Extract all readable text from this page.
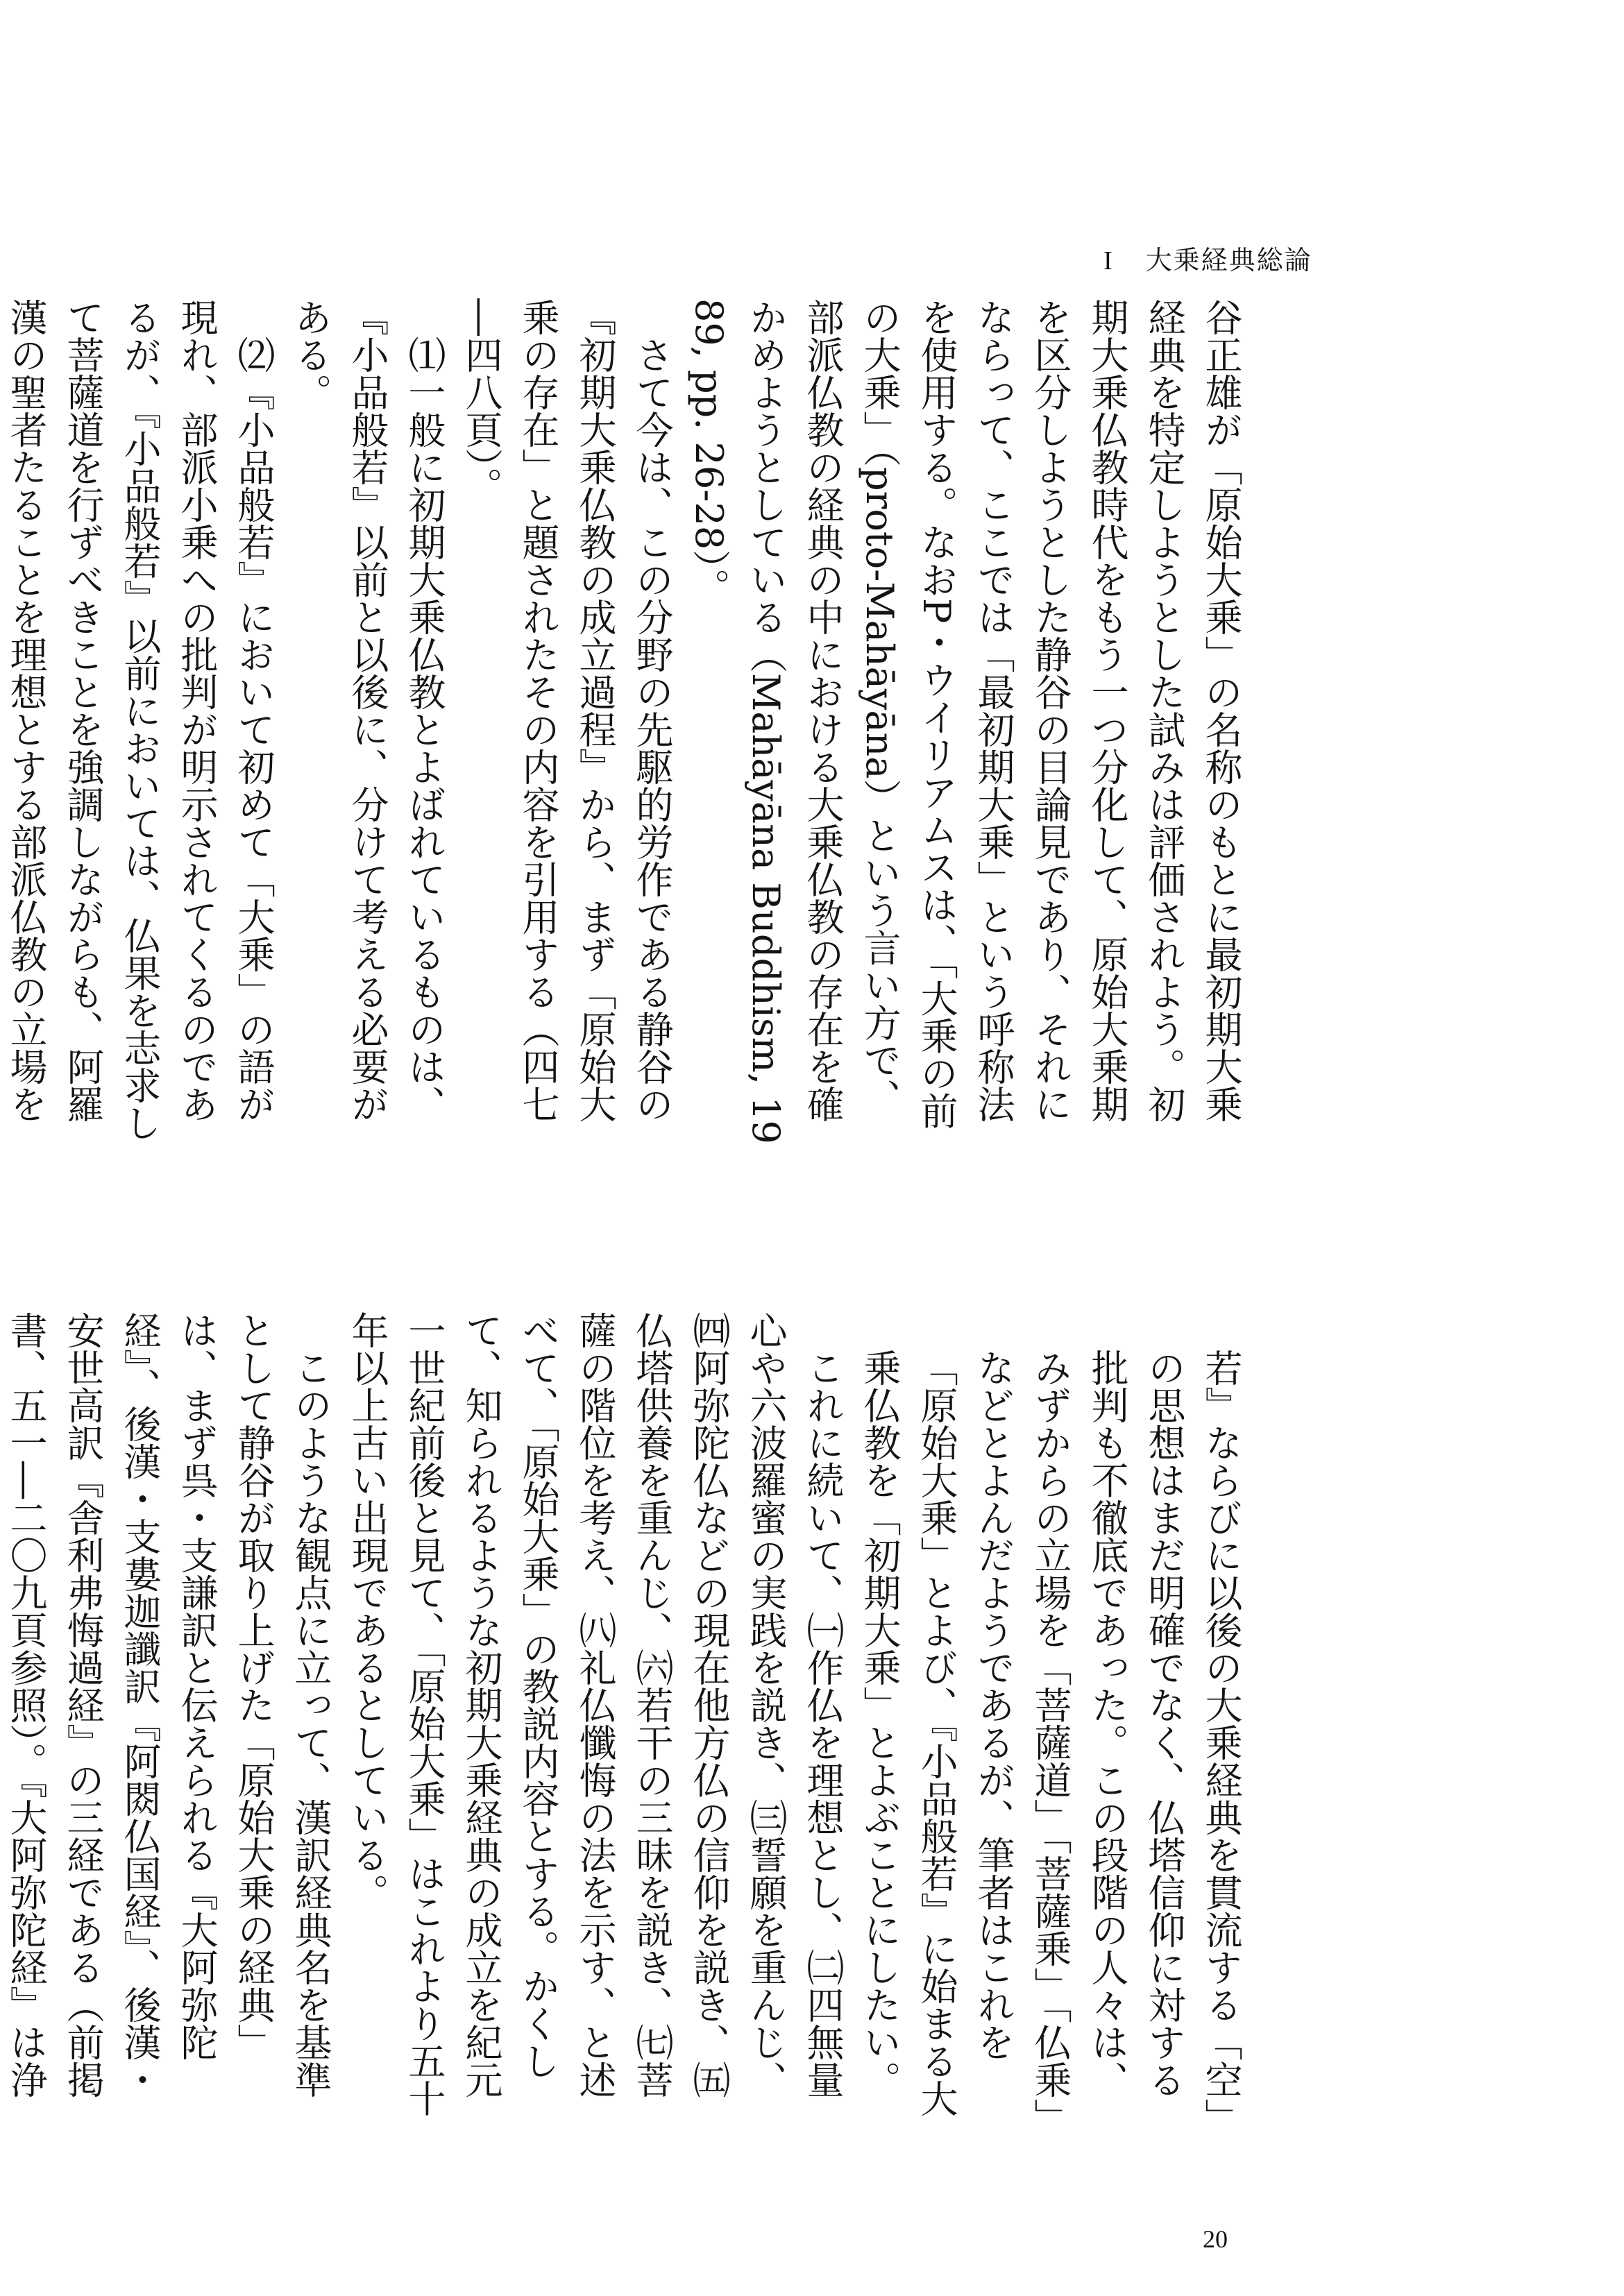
I 大乗経典総論

谷正雄が「原始大乗」の名称のもとに最初期大乗経典を特定しようとした試みは評価されよう。初期大乗仏教時代をもう一つ分化して、原始大乗期を区分しようとした静谷の目論見であり、それにならって、ここでは「最初期大乗」という呼称法を使用する。なおP・ウイリアムスは、「大乗の前の大乗」（proto-Mahāyāna）という言い方で、部派仏教の経典の中における大乗仏教の存在を確かめようとしている（Mahāyāna Buddhism, 1989, pp. 26-28）。

さて今は、この分野の先駆的労作である静谷の『初期大乗仏教の成立過程』から、まず「原始大乗の存在」と題されたその内容を引用する（四七―四八頁）。

⑴一般に初期大乗仏教とよばれているものは、『小品般若』以前と以後に、分けて考える必要がある。

⑵『小品般若』において初めて「大乗」の語が現れ、部派小乗への批判が明示されてくるのであるが、『小品般若』以前においては、仏果を志求して菩薩道を行ずべきことを強調しながらも、阿羅漢の聖者たることを理想とする部派仏教の立場を

若』ならびに以後の大乗経典を貫流する「空」の思想はまだ明確でなく、仏塔信仰に対する批判も不徹底であった。この段階の人々は、みずからの立場を「菩薩道」「菩薩乗」「仏乗」などとよんだようであるが、筆者はこれを「原始大乗」とよび、『小品般若』に始まる大乗仏教を「初期大乗」とよぶことにしたい。

これに続いて、㈠作仏を理想とし、㈡四無量心や六波羅蜜の実践を説き、㈢誓願を重んじ、㈣阿弥陀仏などの現在他方仏の信仰を説き、㈤仏塔供養を重んじ、㈥若干の三昧を説き、㈦菩薩の階位を考え、㈧礼仏懺悔の法を示す、と述べて、「原始大乗」の教説内容とする。かくして、知られるような初期大乗経典の成立を紀元一世紀前後と見て、「原始大乗」はこれより五十年以上古い出現であるとしている。

このような観点に立って、漢訳経典名を基準として静谷が取り上げた「原始大乗の経典」は、まず呉・支謙訳と伝えられる『大阿弥陀経』、後漢・支婁迦讖訳『阿閦仏国経』、後漢・安世高訳『舎利弗悔過経』の三経である（前掲書、五一―二〇九頁参照）。『大阿弥陀経』は浄

20
